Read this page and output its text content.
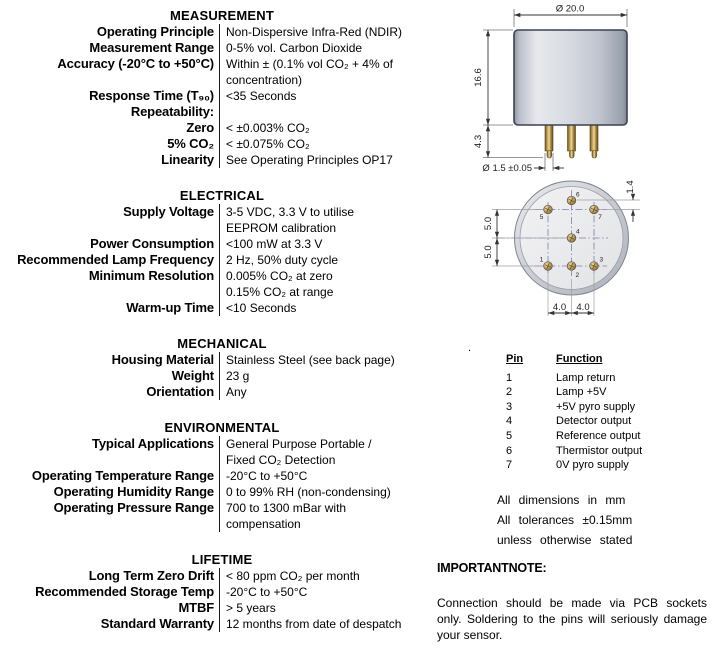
MEASUREMENT
Operating Principle	Non-Dispersive Infra-Red (NDIR)
Measurement Range	0-5% vol. Carbon Dioxide
Accuracy (-20°C to +50°C)	Within ± (0.1% vol CO₂ + 4% of
concentration)
Response Time (T₉₀)	<35 Seconds
Repeatability:
Zero	< ±0.003% CO₂
5% CO₂	< ±0.075% CO₂
Linearity	See Operating Principles OP17
ELECTRICAL
Supply Voltage	3-5 VDC, 3.3 V to utilise
EEPROM calibration
Power Consumption	<100 mW at 3.3 V
Recommended Lamp Frequency	2 Hz, 50% duty cycle
Minimum Resolution	0.005% CO₂ at zero
0.15% CO₂ at range
Warm-up Time	<10 Seconds
MECHANICAL
Housing Material	Stainless Steel (see back page)
Weight	23 g
Orientation	Any
ENVIRONMENTAL
Typical Applications	General Purpose Portable /
Fixed CO₂ Detection
Operating Temperature Range	-20°C to +50°C
Operating Humidity Range	0 to 99% RH (non-condensing)
Operating Pressure Range	700 to 1300 mBar with
compensation
LIFETIME
Long Term Zero Drift	< 80 ppm CO₂ per month
Recommended Storage Temp	-20°C to +50°C
MTBF	> 5 years
Standard Warranty	12 months from date of despatch
Ø 20.0
16.6
4.3
Ø 1.5 ±0.05
5.0
5.0
4.0 4.0
1.4
6
5	7
4
1
2
3
.
Pin	Function
1	Lamp return
2	Lamp +5V
3	+5V pyro supply
4	Detector output
5	Reference output
6	Thermistor output
7	0V pyro supply
All dimensions in mm
All tolerances ±0.15mm
unless otherwise stated
IMPORTANTNOTE:
Connection should be made via PCB sockets
only. Soldering to the pins will seriously damage
your sensor.
